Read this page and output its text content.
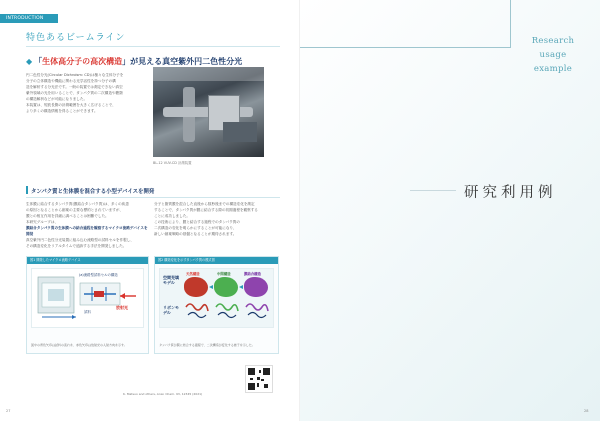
INTRODUCTION
特色あるビームライン
◆ 「生体高分子の高次構造」が見える真空紫外円二色性分光
円二色性分光(Circular Dichroism: CD)は様々な生体分子を
分子の立体構造や機能に関わる光学活性を持つ分子の構
造を解析する分光法です。一般の装置では測定できない真空
紫外領域の光を用いることで、タンパク質の二次構造や糖類
の構造解析などが可能になりました。
本装置は、短波長側の計測範囲を大きく広げることで、
より多くの構造情報を得ることができます。
BL-12 VUV-CD 計測装置
タンパク質と生体膜を混合する小型デバイスを開発
生体膜に結合するタンパク質(膜結合タンパク質)は、多くの疾患
の原因となることから創薬の主要な標的とされていますが、
膜との相互作用を詳細に調べることは困難でした。
本研究グループは、
膜結合タンパク質の生体膜への結合過程を観察するマイクロ流路デバイスを開発
真空紫外円二色性分光装置に組み込む流路型の試料セルを作製し、
その構造変化をリアルタイムで追跡する手法を開発しました。
分子と脂質膜を混合した直後から数秒後までの構造変化を測定
することで、タンパク質が膜に結合する際の初期過程を観察する
ことに成功しました。
この技術により、膜と結合する過程でのタンパク質の
二次構造の変化を明らかにすることが可能になり、
新しい創薬戦略の基盤となることが期待されます。
図1 開発したマイクロ流路デバイス
(a)流路型試料セルの構造
放射光
試料
図中の青色矢印は試料の流れを、赤色矢印は放射光の入射方向を示す。
図2 構造変化を示すタンパク質の模式図
空間充填モデル
リボンモデル
天然構造	中間構造	膜結合構造
タンパク質が膜に結合する過程で、二次構造が変化する様子を示した。
K. Matsuo and others, Anal. Chem. 93, 12345 (2021)
27
Research
usage
example
研究利用例
28
